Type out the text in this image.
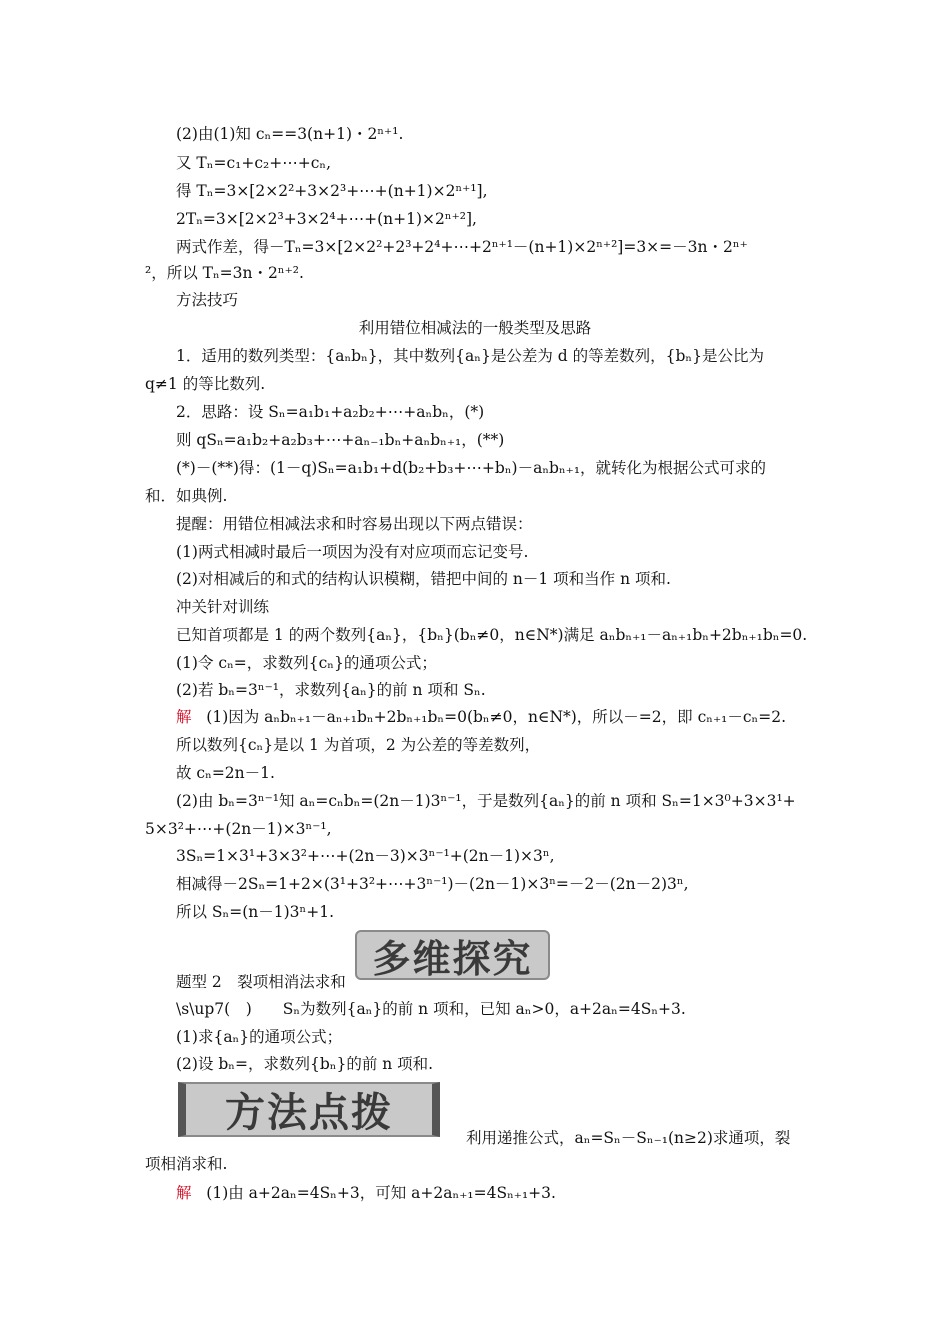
(2)由(1)知 cₙ==3(n+1)・2ⁿ⁺¹.
又 Tₙ=c₁+c₂+⋯+cₙ,
得 Tₙ=3×[2×2²+3×2³+⋯+(n+1)×2ⁿ⁺¹],
2Tₙ=3×[2×2³+3×2⁴+⋯+(n+1)×2ⁿ⁺²],
两式作差，得－Tₙ=3×[2×2²+2³+2⁴+⋯+2ⁿ⁺¹－(n+1)×2ⁿ⁺²]=3×=－3n・2ⁿ⁺
²，所以 Tₙ=3n・2ⁿ⁺².
方法技巧
利用错位相减法的一般类型及思路
1．适用的数列类型：{aₙbₙ}，其中数列{aₙ}是公差为 d 的等差数列，{bₙ}是公比为
q≠1 的等比数列.
2．思路：设 Sₙ=a₁b₁+a₂b₂+⋯+aₙbₙ，(*)
则 qSₙ=a₁b₂+a₂b₃+⋯+aₙ₋₁bₙ+aₙbₙ₊₁，(**)
(*)－(**)得：(1－q)Sₙ=a₁b₁+d(b₂+b₃+⋯+bₙ)－aₙbₙ₊₁，就转化为根据公式可求的
和．如典例.
提醒：用错位相减法求和时容易出现以下两点错误：
(1)两式相减时最后一项因为没有对应项而忘记变号.
(2)对相减后的和式的结构认识模糊，错把中间的 n－1 项和当作 n 项和.
冲关针对训练
已知首项都是 1 的两个数列{aₙ}，{bₙ}(bₙ≠0，n∈N*)满足 aₙbₙ₊₁－aₙ₊₁bₙ+2bₙ₊₁bₙ=0.
(1)令 cₙ=，求数列{cₙ}的通项公式；
(2)若 bₙ=3ⁿ⁻¹，求数列{aₙ}的前 n 项和 Sₙ.
解 (1)因为 aₙbₙ₊₁－aₙ₊₁bₙ+2bₙ₊₁bₙ=0(bₙ≠0，n∈N*)，所以－=2，即 cₙ₊₁－cₙ=2.
所以数列{cₙ}是以 1 为首项，2 为公差的等差数列，
故 cₙ=2n－1.
(2)由 bₙ=3ⁿ⁻¹知 aₙ=cₙbₙ=(2n－1)3ⁿ⁻¹，于是数列{aₙ}的前 n 项和 Sₙ=1×3⁰+3×3¹+
5×3²+⋯+(2n－1)×3ⁿ⁻¹,
3Sₙ=1×3¹+3×3²+⋯+(2n－3)×3ⁿ⁻¹+(2n－1)×3ⁿ,
相减得－2Sₙ=1+2×(3¹+3²+⋯+3ⁿ⁻¹)－(2n－1)×3ⁿ=－2－(2n－2)3ⁿ,
所以 Sₙ=(n－1)3ⁿ+1.
多维探究
题型 2　裂项相消法求和
\s\up7(　)　　Sₙ为数列{aₙ}的前 n 项和，已知 aₙ>0，a+2aₙ=4Sₙ+3.
(1)求{aₙ}的通项公式；
(2)设 bₙ=，求数列{bₙ}的前 n 项和.
方法点拨
利用递推公式，aₙ=Sₙ－Sₙ₋₁(n≥2)求通项，裂
项相消求和.
解 (1)由 a+2aₙ=4Sₙ+3，可知 a+2aₙ₊₁=4Sₙ₊₁+3.
